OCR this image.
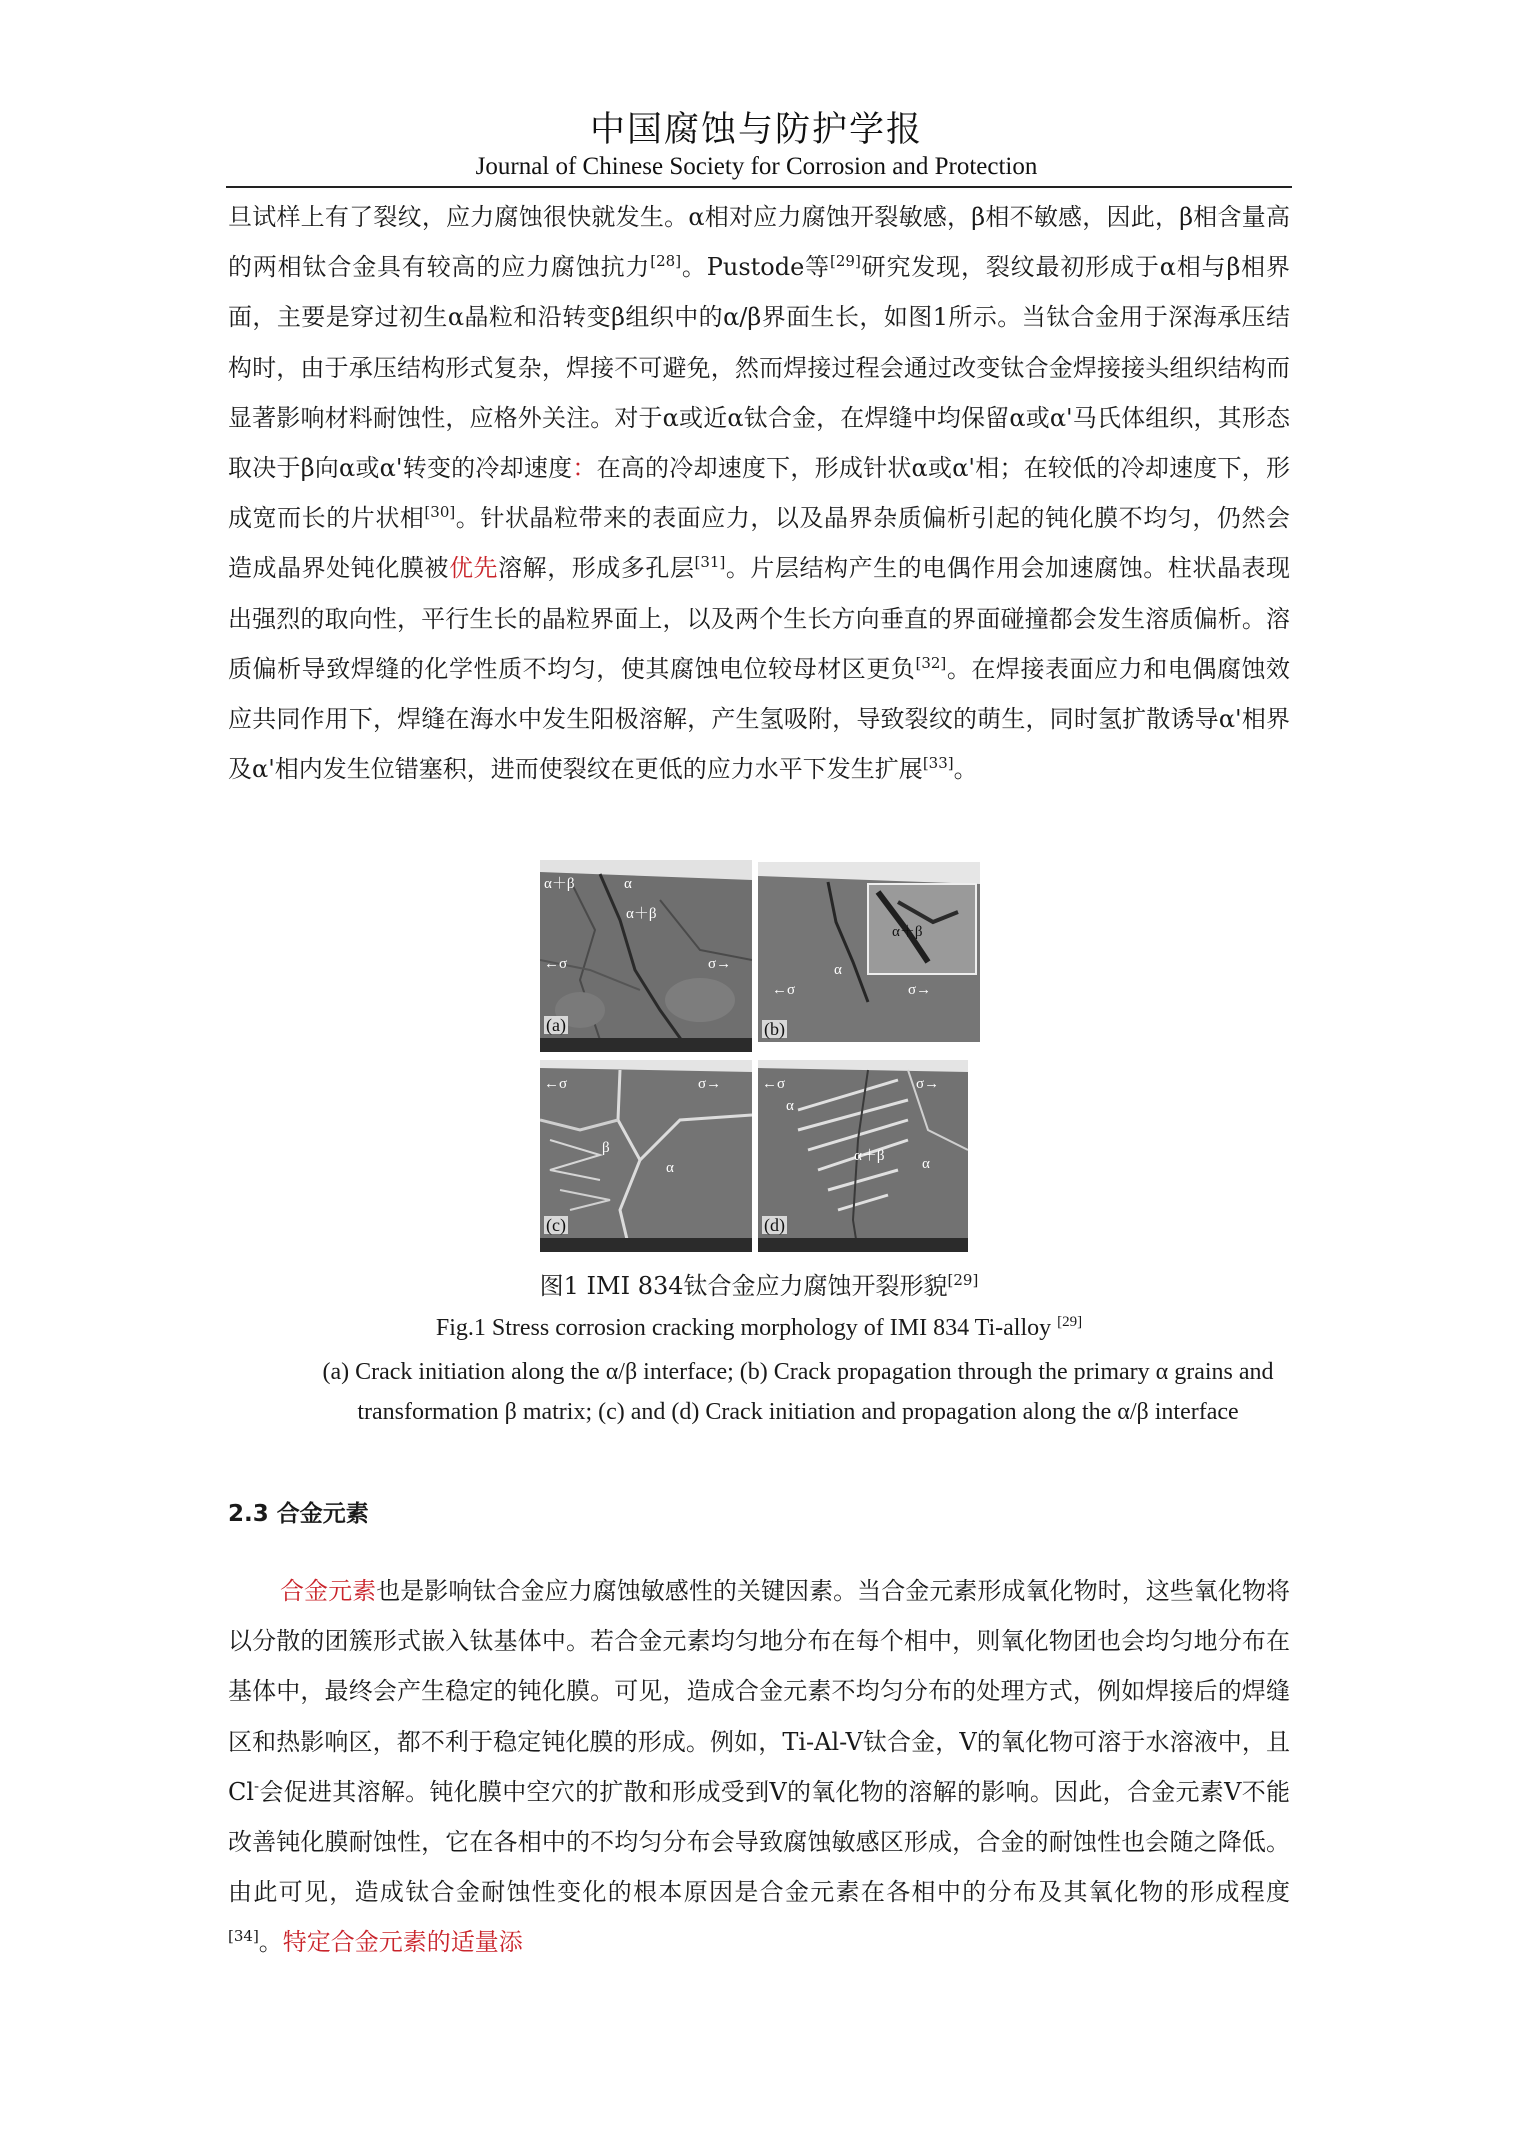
中国腐蚀与防护学报
Journal of Chinese Society for Corrosion and Protection

旦试样上有了裂纹，应力腐蚀很快就发生。α相对应力腐蚀开裂敏感，β相不敏感，因此，β相含量高的两相钛合金具有较高的应力腐蚀抗力[28]。Pustode等[29]研究发现，裂纹最初形成于α相与β相界面，主要是穿过初生α晶粒和沿转变β组织中的α/β界面生长，如图1所示。当钛合金用于深海承压结构时，由于承压结构形式复杂，焊接不可避免，然而焊接过程会通过改变钛合金焊接接头组织结构而显著影响材料耐蚀性，应格外关注。对于α或近α钛合金，在焊缝中均保留α或α'马氏体组织，其形态取决于β向α或α'转变的冷却速度：在高的冷却速度下，形成针状α或α'相；在较低的冷却速度下，形成宽而长的片状相[30]。针状晶粒带来的表面应力，以及晶界杂质偏析引起的钝化膜不均匀，仍然会造成晶界处钝化膜被优先溶解，形成多孔层[31]。片层结构产生的电偶作用会加速腐蚀。柱状晶表现出强烈的取向性，平行生长的晶粒界面上，以及两个生长方向垂直的界面碰撞都会发生溶质偏析。溶质偏析导致焊缝的化学性质不均匀，使其腐蚀电位较母材区更负[32]。在焊接表面应力和电偶腐蚀效应共同作用下，焊缝在海水中发生阳极溶解，产生氢吸附，导致裂纹的萌生，同时氢扩散诱导α'相界及α'相内发生位错塞积，进而使裂纹在更低的应力水平下发生扩展[33]。

α＋β	α
α＋β
←σ	σ→
(a)
α
←σ	σ→
α＋β
(b)
←σ	σ→
β
α
(c)
←σ	σ→
α＋β
α
α
(d)
图1 IMI 834钛合金应力腐蚀开裂形貌[29]
Fig.1 Stress corrosion cracking morphology of IMI 834 Ti-alloy [29]
(a) Crack initiation along the α/β interface; (b) Crack propagation through the primary α grains and transformation β matrix; (c) and (d) Crack initiation and propagation along the α/β interface
2.3 合金元素

合金元素也是影响钛合金应力腐蚀敏感性的关键因素。当合金元素形成氧化物时，这些氧化物将以分散的团簇形式嵌入钛基体中。若合金元素均匀地分布在每个相中，则氧化物团也会均匀地分布在基体中，最终会产生稳定的钝化膜。可见，造成合金元素不均匀分布的处理方式，例如焊接后的焊缝区和热影响区，都不利于稳定钝化膜的形成。例如，Ti-Al-V钛合金，V的氧化物可溶于水溶液中，且Cl-会促进其溶解。钝化膜中空穴的扩散和形成受到V的氧化物的溶解的影响。因此，合金元素V不能改善钝化膜耐蚀性，它在各相中的不均匀分布会导致腐蚀敏感区形成，合金的耐蚀性也会随之降低。由此可见，造成钛合金耐蚀性变化的根本原因是合金元素在各相中的分布及其氧化物的形成程度[34]。特定合金元素的适量添
